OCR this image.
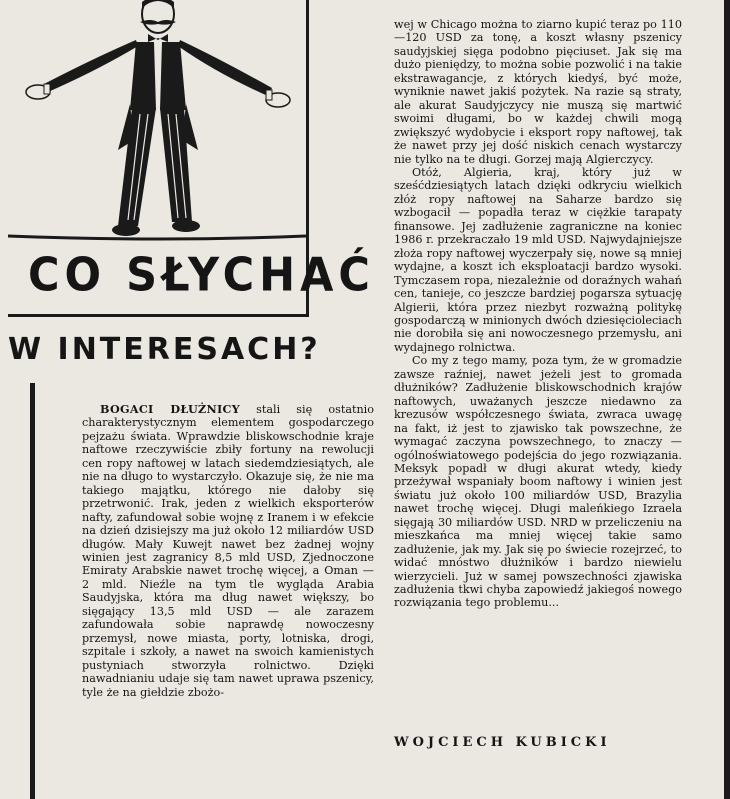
CO SŁYCHAĆ
W INTERESACH?

BOGACI DŁUŻNICY stali się ostatnio charakterystycznym elementem gospodarczego pejzażu świata. Wprawdzie bliskowschodnie kraje naftowe rzeczywiście zbiły fortuny na rewolucji cen ropy naftowej w latach siedemdziesiątych, ale nie na długo to wystarczyło. Okazuje się, że nie ma takiego majątku, którego nie dałoby się przetrwonić. Irak, jeden z wielkich eksporterów nafty, zafundował sobie wojnę z Iranem i w efekcie na dzień dzisiejszy ma już około 12 miliardów USD długów. Mały Kuwejt nawet bez żadnej wojny winien jest zagranicy 8,5 mld USD, Zjednoczone Emiraty Arabskie nawet trochę więcej, a Oman — 2 mld. Nieźle na tym tle wygląda Arabia Saudyjska, która ma dług nawet większy, bo sięgający 13,5 mld USD — ale zarazem zafundowała sobie naprawdę nowoczesny przemysł, nowe miasta, porty, lotniska, drogi, szpitale i szkoły, a nawet na swoich kamienistych pustyniach stworzyła rolnictwo. Dzięki nawadnianiu udaje się tam nawet uprawa pszenicy, tyle że na giełdzie zbożo-

wej w Chicago można to ziarno kupić teraz po 110—120 USD za tonę, a koszt własny pszenicy saudyjskiej sięga podobno pięciuset. Jak się ma dużo pieniędzy, to można sobie pozwolić i na takie ekstrawagancje, z których kiedyś, być może, wyniknie nawet jakiś pożytek. Na razie są straty, ale akurat Saudyjczycy nie muszą się martwić swoimi długami, bo w każdej chwili mogą zwiększyć wydobycie i eksport ropy naftowej, tak że nawet przy jej dość niskich cenach wystarczy nie tylko na te długi. Gorzej mają Algierczycy.

Otóż, Algieria, kraj, który już w sześćdziesiątych latach dzięki odkryciu wielkich złóż ropy naftowej na Saharze bardzo się wzbogacił — popadła teraz w ciężkie tarapaty finansowe. Jej zadłużenie zagraniczne na koniec 1986 r. przekraczało 19 mld USD. Najwydajniejsze złoża ropy naftowej wyczerpały się, nowe są mniej wydajne, a koszt ich eksploatacji bardzo wysoki. Tymczasem ropa, niezależnie od doraźnych wahań cen, tanieje, co jeszcze bardziej pogarsza sytuację Algierii, która przez niezbyt rozważną politykę gospodarczą w minionych dwóch dziesięcioleciach nie dorobiła się ani nowoczesnego przemysłu, ani wydajnego rolnictwa.

Co my z tego mamy, poza tym, że w gromadzie zawsze raźniej, nawet jeżeli jest to gromada dłużników? Zadłużenie bliskowschodnich krajów naftowych, uważanych jeszcze niedawno za krezusów współczesnego świata, zwraca uwagę na fakt, iż jest to zjawisko tak powszechne, że wymagać zaczyna powszechnego, to znaczy — ogólnoświatowego podejścia do jego rozwiązania. Meksyk popadł w długi akurat wtedy, kiedy przeżywał wspaniały boom naftowy i winien jest światu już około 100 miliardów USD, Brazylia nawet trochę więcej. Długi maleńkiego Izraela sięgają 30 miliardów USD. NRD w przeliczeniu na mieszkańca ma mniej więcej takie samo zadłużenie, jak my. Jak się po świecie rozejrzeć, to widać mnóstwo dłużników i bardzo niewielu wierzycieli. Już w samej powszechności zjawiska zadłużenia tkwi chyba zapowiedź jakiegoś nowego rozwiązania tego problemu...

WOJCIECH KUBICKI
